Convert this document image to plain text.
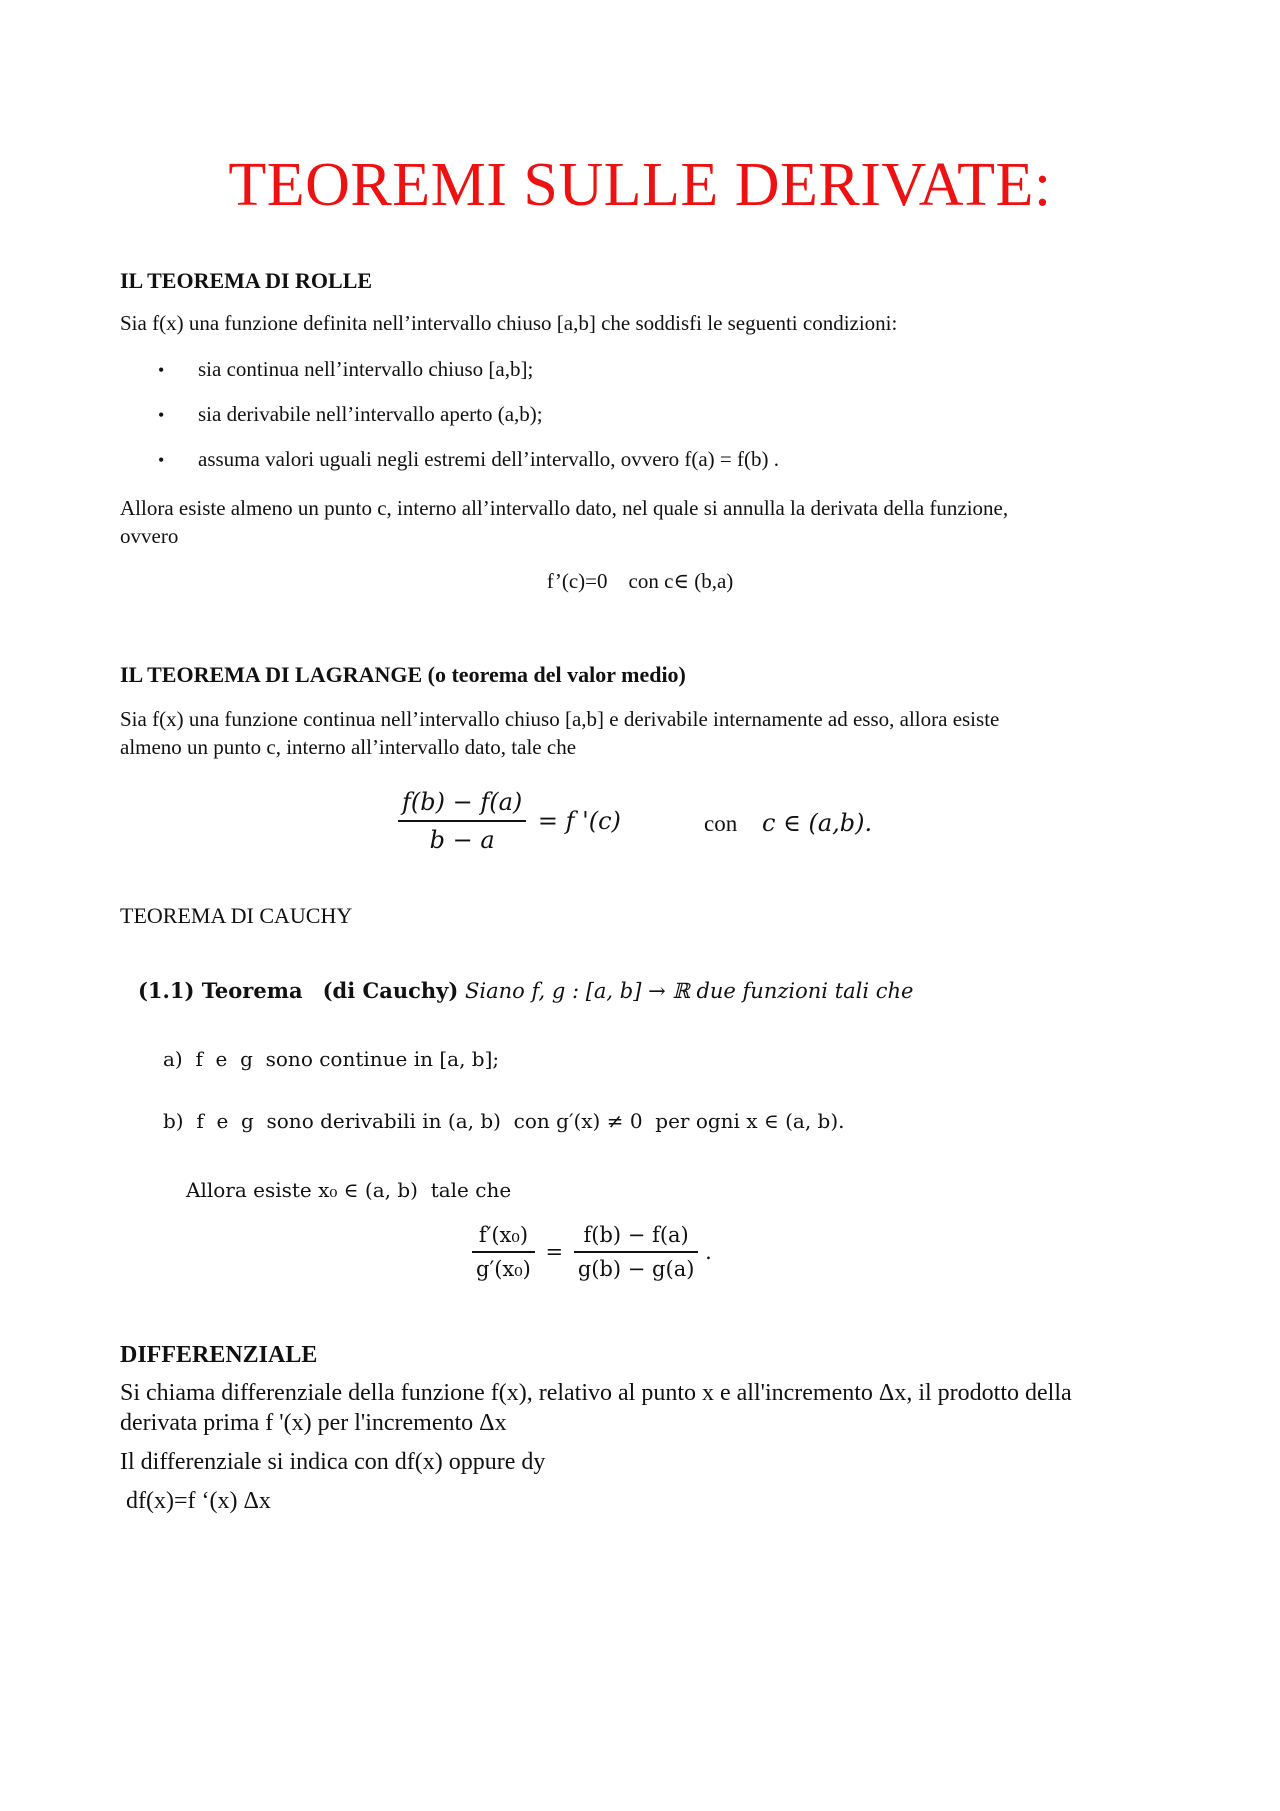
TEOREMI SULLE DERIVATE:
IL TEOREMA DI ROLLE
Sia f(x) una funzione definita nell’intervallo chiuso [a,b] che soddisfi le seguenti condizioni:
• sia continua nell’intervallo chiuso [a,b];
• sia derivabile nell’intervallo aperto (a,b);
• assuma valori uguali negli estremi dell’intervallo, ovvero f(a) = f(b) .
Allora esiste almeno un punto c, interno all’intervallo dato, nel quale si annulla la derivata della funzione,
ovvero
f’(c)=0    con c∈ (b,a)
IL TEOREMA DI LAGRANGE (o teorema del valor medio)
Sia f(x) una funzione continua nell’intervallo chiuso [a,b] e derivabile internamente ad esso, allora esiste
almeno un punto c, interno all’intervallo dato, tale che
$\frac{f(b) - f(a)}{b - a} = f$ '(c)	con c ∈ (a,b).
TEOREMA DI CAUCHY
(1.1) Teorema (di Cauchy) Siano f, g : [a, b] → ℝ due funzioni tali che
a)  f  e  g  sono continue in [a, b];
b)  f  e  g  sono derivabili in (a, b)  con g′(x) ≠ 0  per ogni x ∈ (a, b).
Allora esiste x₀ ∈ (a, b)  tale che
$\frac{\text{f′(x₀)}}{\text{g′(x₀)}} = \frac{f(b) - f(a)}{g(b) - g(a)}$ .
DIFFERENZIALE
Si chiama differenziale della funzione f(x), relativo al punto x e all'incremento Δx, il prodotto della
derivata prima f '(x) per l'incremento Δx
Il differenziale si indica con df(x) oppure dy
df(x)=f ‘(x) Δx
